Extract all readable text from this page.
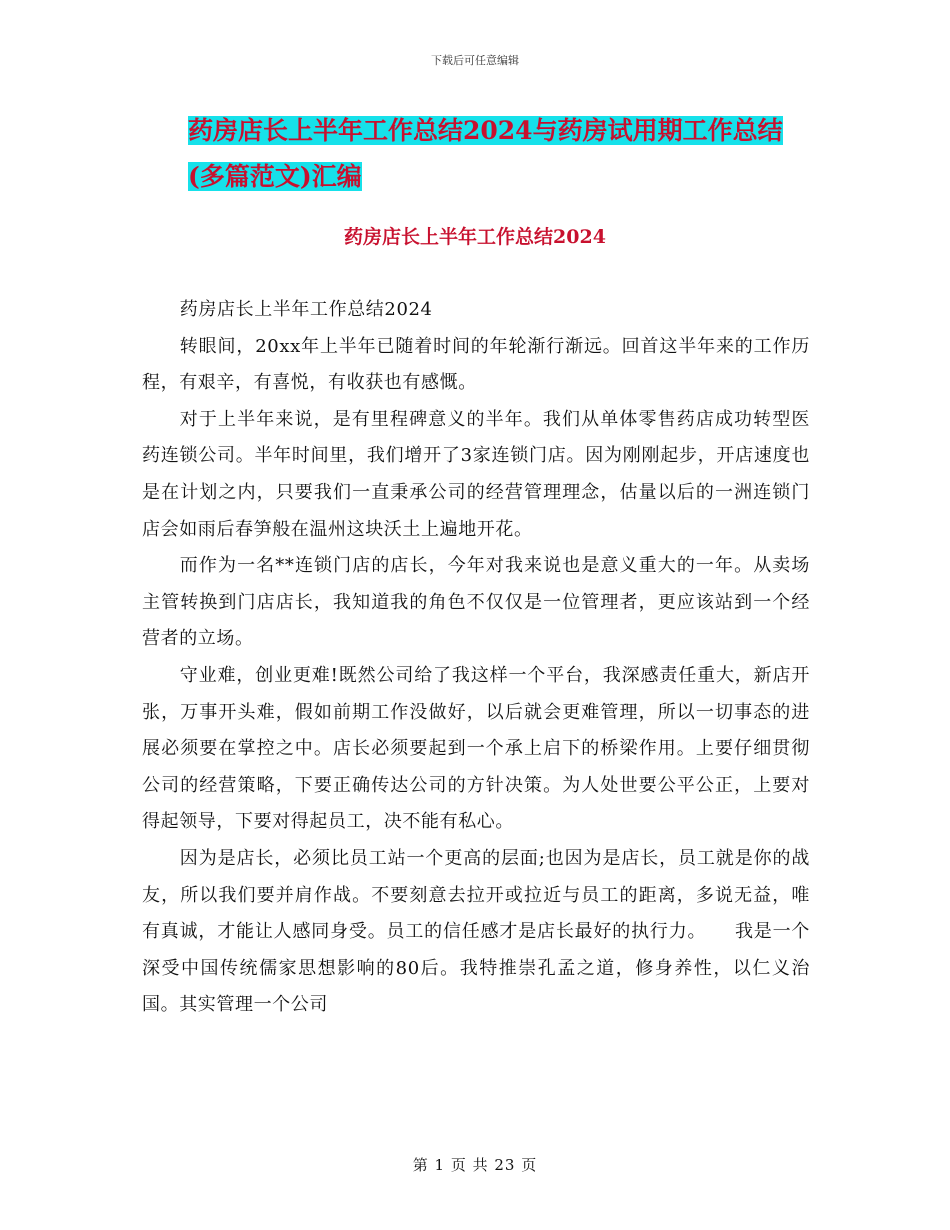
下载后可任意编辑
药房店长上半年工作总结2024与药房试用期工作总结
(多篇范文)汇编
药房店长上半年工作总结2024

药房店长上半年工作总结2024

转眼间，20xx年上半年已随着时间的年轮渐行渐远。回首这半年来的工作历程，有艰辛，有喜悦，有收获也有感慨。

对于上半年来说，是有里程碑意义的半年。我们从单体零售药店成功转型医药连锁公司。半年时间里，我们增开了3家连锁门店。因为刚刚起步，开店速度也是在计划之内，只要我们一直秉承公司的经营管理理念，估量以后的一洲连锁门店会如雨后春笋般在温州这块沃土上遍地开花。

而作为一名**连锁门店的店长，今年对我来说也是意义重大的一年。从卖场主管转换到门店店长，我知道我的角色不仅仅是一位管理者，更应该站到一个经营者的立场。

守业难，创业更难!既然公司给了我这样一个平台，我深感责任重大，新店开张，万事开头难，假如前期工作没做好，以后就会更难管理，所以一切事态的进展必须要在掌控之中。店长必须要起到一个承上启下的桥梁作用。上要仔细贯彻公司的经营策略，下要正确传达公司的方针决策。为人处世要公平公正，上要对得起领导，下要对得起员工，决不能有私心。

因为是店长，必须比员工站一个更高的层面;也因为是店长，员工就是你的战友，所以我们要并肩作战。不要刻意去拉开或拉近与员工的距离，多说无益，唯有真诚，才能让人感同身受。员工的信任感才是店长最好的执行力。　　我是一个深受中国传统儒家思想影响的80后。我特推崇孔孟之道，修身养性，以仁义治国。其实管理一个公司

第 1 页 共 23 页
